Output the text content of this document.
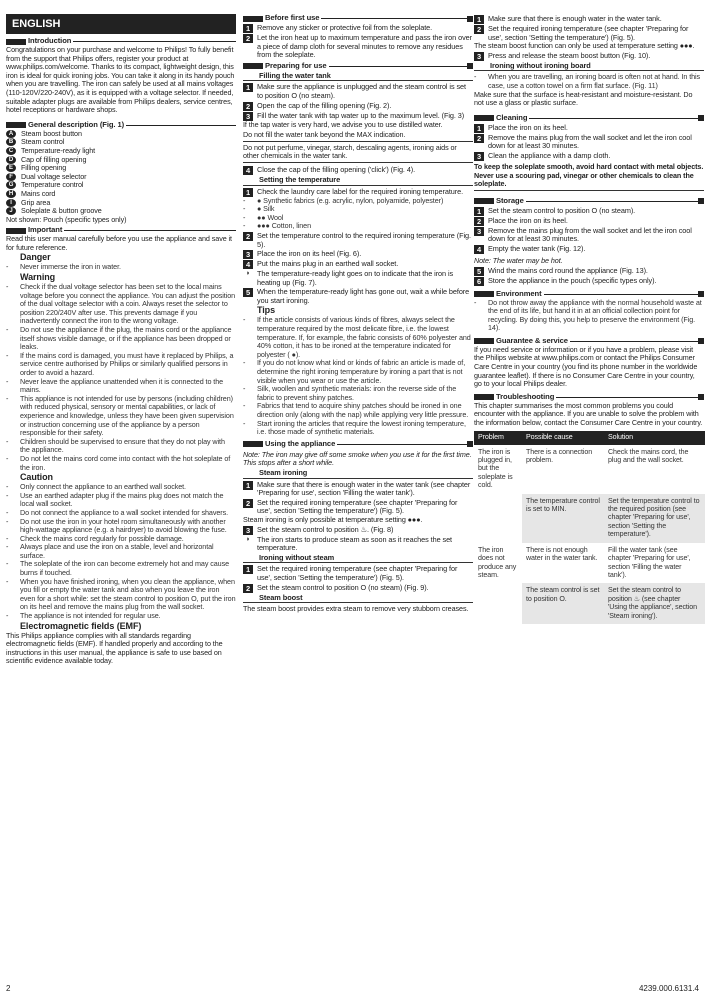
ENGLISH
Introduction

Congratulations on your purchase and welcome to Philips! To fully benefit from the support that Philips offers, register your product at www.philips.com/welcome. Thanks to its compact, lightweight design, this iron is ideal for quick ironing jobs. You can take it along in its handy pouch when you are travelling. The iron can safely be used at all mains voltages (110-120V/220-240V), as it is equipped with a voltage selector. If needed, suitable adapter plugs are available from Philips dealers, service centres, hotel receptions or hardware shops.

General description (Fig. 1)
A	Steam boost button
B	Steam control
C	Temperature-ready light
D	Cap of filling opening
E	Filling opening
F	Dual voltage selector
G	Temperature control
H	Mains cord
I	Grip area
J	Soleplate & button groove

Not shown: Pouch (specific types only)

Important

Read this user manual carefully before you use the appliance and save it for future reference.

Danger
-	Never immerse the iron in water.
Warning
-	Check if the dual voltage selector has been set to the local mains voltage before you connect the appliance. You can adjust the position of the dual voltage selector with a coin. Always reset the selector to position 220/240V after use. This prevents damage if you inadvertently connect the iron to the wrong voltage.
-	Do not use the appliance if the plug, the mains cord or the appliance itself shows visible damage, or if the appliance has been dropped or leaks.
-	If the mains cord is damaged, you must have it replaced by Philips, a service centre authorised by Philips or similarly qualified persons in order to avoid a hazard.
-	Never leave the appliance unattended when it is connected to the mains.
-	This appliance is not intended for use by persons (including children) with reduced physical, sensory or mental capabilities, or lack of experience and knowledge, unless they have been given supervision or instruction concerning use of the appliance by a person responsible for their safety.
-	Children should be supervised to ensure that they do not play with the appliance.
-	Do not let the mains cord come into contact with the hot soleplate of the iron.
Caution
-	Only connect the appliance to an earthed wall socket.
-	Use an earthed adapter plug if the mains plug does not match the local wall socket.
-	Do not connect the appliance to a wall socket intended for shavers.
-	Do not use the iron in your hotel room simultaneously with another high-wattage appliance (e.g. a hairdryer) to avoid blowing the fuse.
-	Check the mains cord regularly for possible damage.
-	Always place and use the iron on a stable, level and horizontal surface.
-	The soleplate of the iron can become extremely hot and may cause burns if touched.
-	When you have finished ironing, when you clean the appliance, when you fill or empty the water tank and also when you leave the iron even for a short while: set the steam control to position O, put the iron on its heel and remove the mains plug from the wall socket.
-	The appliance is not intended for regular use.
Electromagnetic fields (EMF)

This Philips appliance complies with all standards regarding electromagnetic fields (EMF). If handled properly and according to the instructions in this user manual, the appliance is safe to use based on scientific evidence available today.

Before first use
1 Remove any sticker or protective foil from the soleplate.
2 Let the iron heat up to maximum temperature and pass the iron over a piece of damp cloth for several minutes to remove any residues from the soleplate.
Preparing for use
Filling the water tank
1 Make sure the appliance is unplugged and the steam control is set to position O (no steam).
2 Open the cap of the filling opening (Fig. 2).
3 Fill the water tank with tap water up to the maximum level. (Fig. 3)

If the tap water is very hard, we advise you to use distilled water.

Do not fill the water tank beyond the MAX indication.

Do not put perfume, vinegar, starch, descaling agents, ironing aids or other chemicals in the water tank.

4 Close the cap of the filling opening ('click') (Fig. 4).
Setting the temperature
1 Check the laundry care label for the required ironing temperature.
-	● Synthetic fabrics (e.g. acrylic, nylon, polyamide, polyester)
-	● Silk
-	●● Wool
-	●●● Cotton, linen
2 Set the temperature control to the required ironing temperature (Fig. 5).
3 Place the iron on its heel (Fig. 6).
4 Put the mains plug in an earthed wall socket.
◗ The temperature-ready light goes on to indicate that the iron is heating up (Fig. 7).
5 When the temperature-ready light has gone out, wait a while before you start ironing.
Tips
-	If the article consists of various kinds of fibres, always select the temperature required by the most delicate fibre, i.e. the lowest temperature. If, for example, the fabric consists of 60% polyester and 40% cotton, it has to be ironed at the temperature indicated for polyester ( ●).
-	If you do not know what kind or kinds of fabric an article is made of, determine the right ironing temperature by ironing a part that is not visible when you wear or use the article.
-	Silk, woollen and synthetic materials: iron the reverse side of the fabric to prevent shiny patches.
-	Fabrics that tend to acquire shiny patches should be ironed in one direction only (along with the nap) while applying very little pressure.
-	Start ironing the articles that require the lowest ironing temperature, i.e. those made of synthetic materials.
Using the appliance

Note: The iron may give off some smoke when you use it for the first time. This stops after a short while.

Steam ironing
1 Make sure that there is enough water in the water tank (see chapter 'Preparing for use', section 'Filling the water tank').
2 Set the required ironing temperature (see chapter 'Preparing for use', section 'Setting the temperature') (Fig. 5).

Steam ironing is only possible at temperature setting ●●●.

3 Set the steam control to position ♨. (Fig. 8)
◗ The iron starts to produce steam as soon as it reaches the set temperature.
Ironing without steam
1 Set the required ironing temperature (see chapter 'Preparing for use', section 'Setting the temperature') (Fig. 5).
2 Set the steam control to position O (no steam) (Fig. 9).
Steam boost

The steam boost provides extra steam to remove very stubborn creases.

1 Make sure that there is enough water in the water tank.
2 Set the required ironing temperature (see chapter 'Preparing for use', section 'Setting the temperature') (Fig. 5).

The steam boost function can only be used at temperature setting ●●●.

3 Press and release the steam boost button (Fig. 10).
Ironing without ironing board
-	When you are travelling, an ironing board is often not at hand. In this case, use a cotton towel on a firm flat surface. (Fig. 11)

Make sure that the surface is heat-resistant and moisture-resistant. Do not use a glass or plastic surface.

Cleaning
1 Place the iron on its heel.
2 Remove the mains plug from the wall socket and let the iron cool down for at least 30 minutes.
3 Clean the appliance with a damp cloth.

To keep the soleplate smooth, avoid hard contact with metal objects. Never use a scouring pad, vinegar or other chemicals to clean the soleplate.

Storage
1 Set the steam control to position O (no steam).
2 Place the iron on its heel.
3 Remove the mains plug from the wall socket and let the iron cool down for at least 30 minutes.
4 Empty the water tank (Fig. 12).

Note: The water may be hot.

5 Wind the mains cord round the appliance (Fig. 13).
6 Store the appliance in the pouch (specific types only).
Environment
-	Do not throw away the appliance with the normal household waste at the end of its life, but hand it in at an official collection point for recycling. By doing this, you help to preserve the environment (Fig. 14).
Guarantee & service

If you need service or information or if you have a problem, please visit the Philips website at www.philips.com or contact the Philips Consumer Care Centre in your country (you find its phone number in the worldwide guarantee leaflet). If there is no Consumer Care Centre in your country, go to your local Philips dealer.

Troubleshooting

This chapter summarises the most common problems you could encounter with the appliance. If you are unable to solve the problem with the information below, contact the Consumer Care Centre in your country.

Problem	Possible cause	Solution
The iron is plugged in, but the soleplate is cold.	There is a connection problem.	Check the mains cord, the plug and the wall socket.
	The temperature control is set to MIN.	Set the temperature control to the required position (see chapter 'Preparing for use', section 'Setting the temperature').
The iron does not produce any steam.	There is not enough water in the water tank.	Fill the water tank (see chapter 'Preparing for use', section 'Filling the water tank').
	The steam control is set to position O.	Set the steam control to position ♨ (see chapter 'Using the appliance', section 'Steam ironing').
2	4239.000.6131.4
